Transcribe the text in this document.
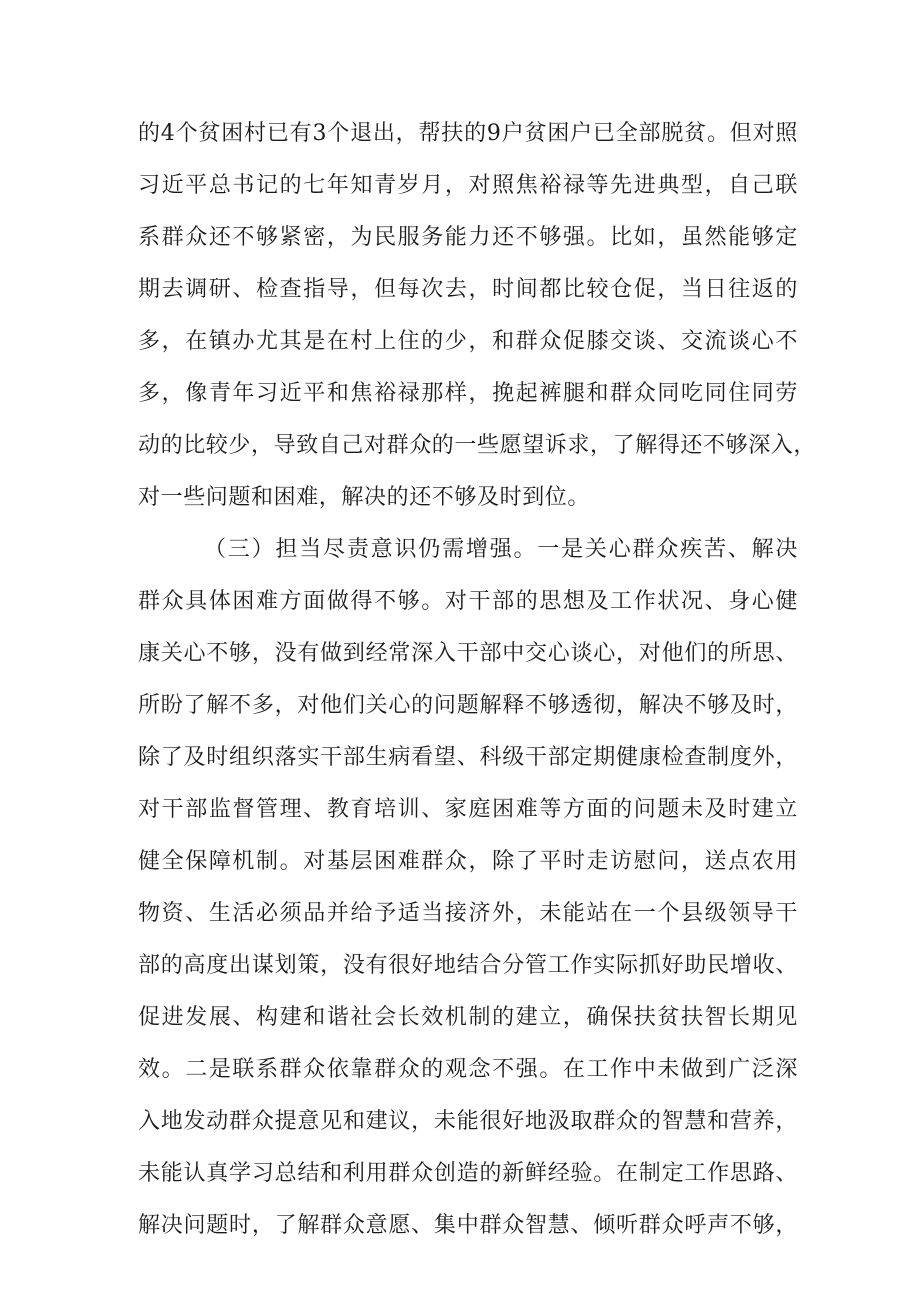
的4个贫困村已有3个退出，帮扶的9户贫困户已全部脱贫。但对照
习近平总书记的七年知青岁月，对照焦裕禄等先进典型，自己联
系群众还不够紧密，为民服务能力还不够强。比如，虽然能够定
期去调研、检查指导，但每次去，时间都比较仓促，当日往返的
多，在镇办尤其是在村上住的少，和群众促膝交谈、交流谈心不
多，像青年习近平和焦裕禄那样，挽起裤腿和群众同吃同住同劳
动的比较少，导致自己对群众的一些愿望诉求，了解得还不够深入，
对一些问题和困难，解决的还不够及时到位。
（三）担当尽责意识仍需增强。一是关心群众疾苦、解决
群众具体困难方面做得不够。对干部的思想及工作状况、身心健
康关心不够，没有做到经常深入干部中交心谈心，对他们的所思、
所盼了解不多，对他们关心的问题解释不够透彻，解决不够及时，
除了及时组织落实干部生病看望、科级干部定期健康检查制度外，
对干部监督管理、教育培训、家庭困难等方面的问题未及时建立
健全保障机制。对基层困难群众，除了平时走访慰问，送点农用
物资、生活必须品并给予适当接济外，未能站在一个县级领导干
部的高度出谋划策，没有很好地结合分管工作实际抓好助民增收、
促进发展、构建和谐社会长效机制的建立，确保扶贫扶智长期见
效。二是联系群众依靠群众的观念不强。在工作中未做到广泛深
入地发动群众提意见和建议，未能很好地汲取群众的智慧和营养，
未能认真学习总结和利用群众创造的新鲜经验。在制定工作思路、
解决问题时，了解群众意愿、集中群众智慧、倾听群众呼声不够，
